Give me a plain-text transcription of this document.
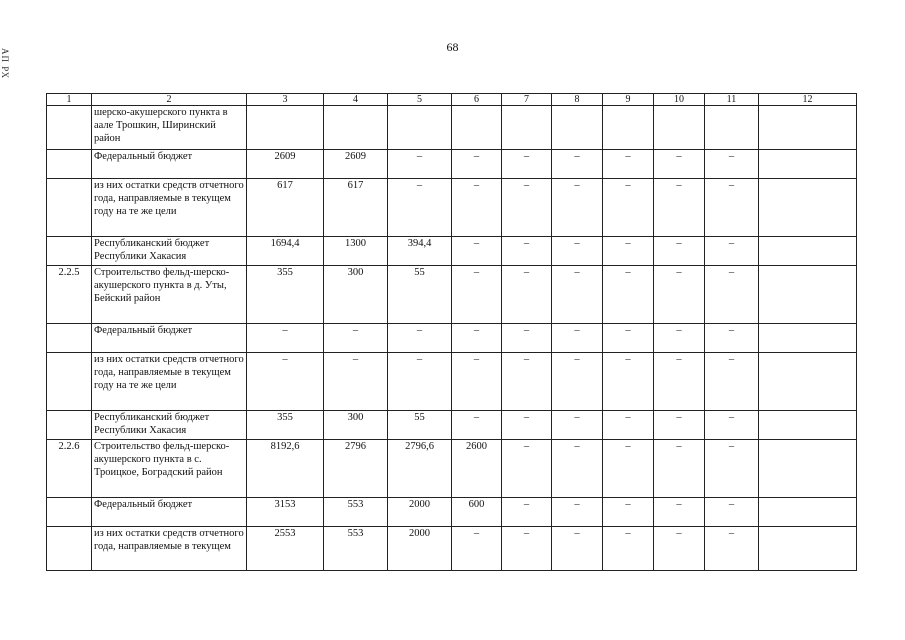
АП РХ
68
1	2	3	4	5	6	7	8	9	10	11	12
	шерско-акушерского пункта в аале Трошкин, Ширинский район										
	Федеральный бюджет	2609	2609	–	–	–	–	–	–	–	
	из них остатки средств отчетного года, направляемые в текущем году на те же цели	617	617	–	–	–	–	–	–	–	
	Республиканский бюджет Республики Хакасия	1694,4	1300	394,4	–	–	–	–	–	–	
2.2.5	Строительство фельд-шерско-акушерского пункта в д. Уты, Бейский район	355	300	55	–	–	–	–	–	–	
	Федеральный бюджет	–	–	–	–	–	–	–	–	–	
	из них остатки средств отчетного года, направляемые в текущем году на те же цели	–	–	–	–	–	–	–	–	–	
	Республиканский бюджет Республики Хакасия	355	300	55	–	–	–	–	–	–	
2.2.6	Строительство фельд-шерско-акушерского пункта в с. Троицкое, Боградский район	8192,6	2796	2796,6	2600	–	–	–	–	–	
	Федеральный бюджет	3153	553	2000	600	–	–	–	–	–	
	из них остатки средств отчетного года, направляемые в текущем	2553	553	2000	–	–	–	–	–	–	
